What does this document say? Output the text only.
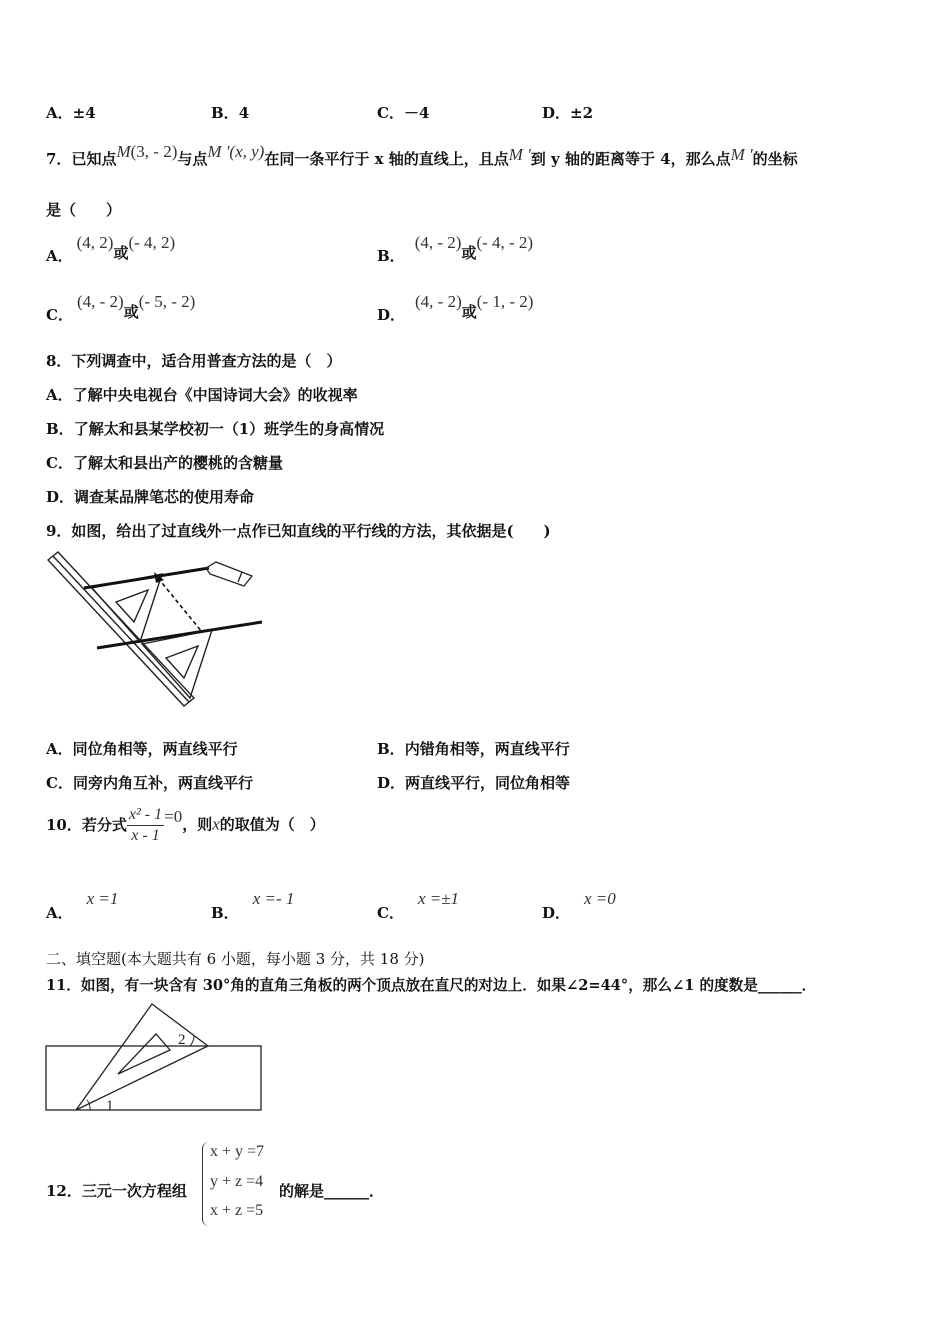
A．±4	B．4	C．－4	D．±2
7．已知点M(3, - 2)与点M '(x, y)在同一条平行于 x 轴的直线上，且点M '到 y 轴的距离等于 4，那么点M '的坐标
是（　　）
A．(4, 2)或(- 4, 2)
B．(4, - 2)或(- 4, - 2)
C．(4, - 2)或(- 5, - 2)
D．(4, - 2)或(- 1, - 2)
8．下列调查中，适合用普查方法的是（　）
A．了解中央电视台《中国诗词大会》的收视率
B．了解太和县某学校初一（1）班学生的身高情况
C．了解太和县出产的樱桃的含糖量
D．调查某品牌笔芯的使用寿命
9．如图，给出了过直线外一点作已知直线的平行线的方法，其依据是(　　)
A．同位角相等，两直线平行	B．内错角相等，两直线平行
C．同旁内角互补，两直线平行	D．两直线平行，同位角相等
10．若分式 $\frac{\text{x² - 1}}{x - 1} =0$，则x的取值为（　）
A．x =1
B．x =- 1
C．x =±1
D．x =0
二、填空题(本大题共有 6 小题，每小题 3 分，共 18 分)
11．如图，有一块含有 30°角的直角三角板的两个顶点放在直尺的对边上．如果∠2=44°，那么∠1 的度数是______．
2
1
12．三元一次方程组
x + y =7
y + z =4
x + z =5
的解是______．
